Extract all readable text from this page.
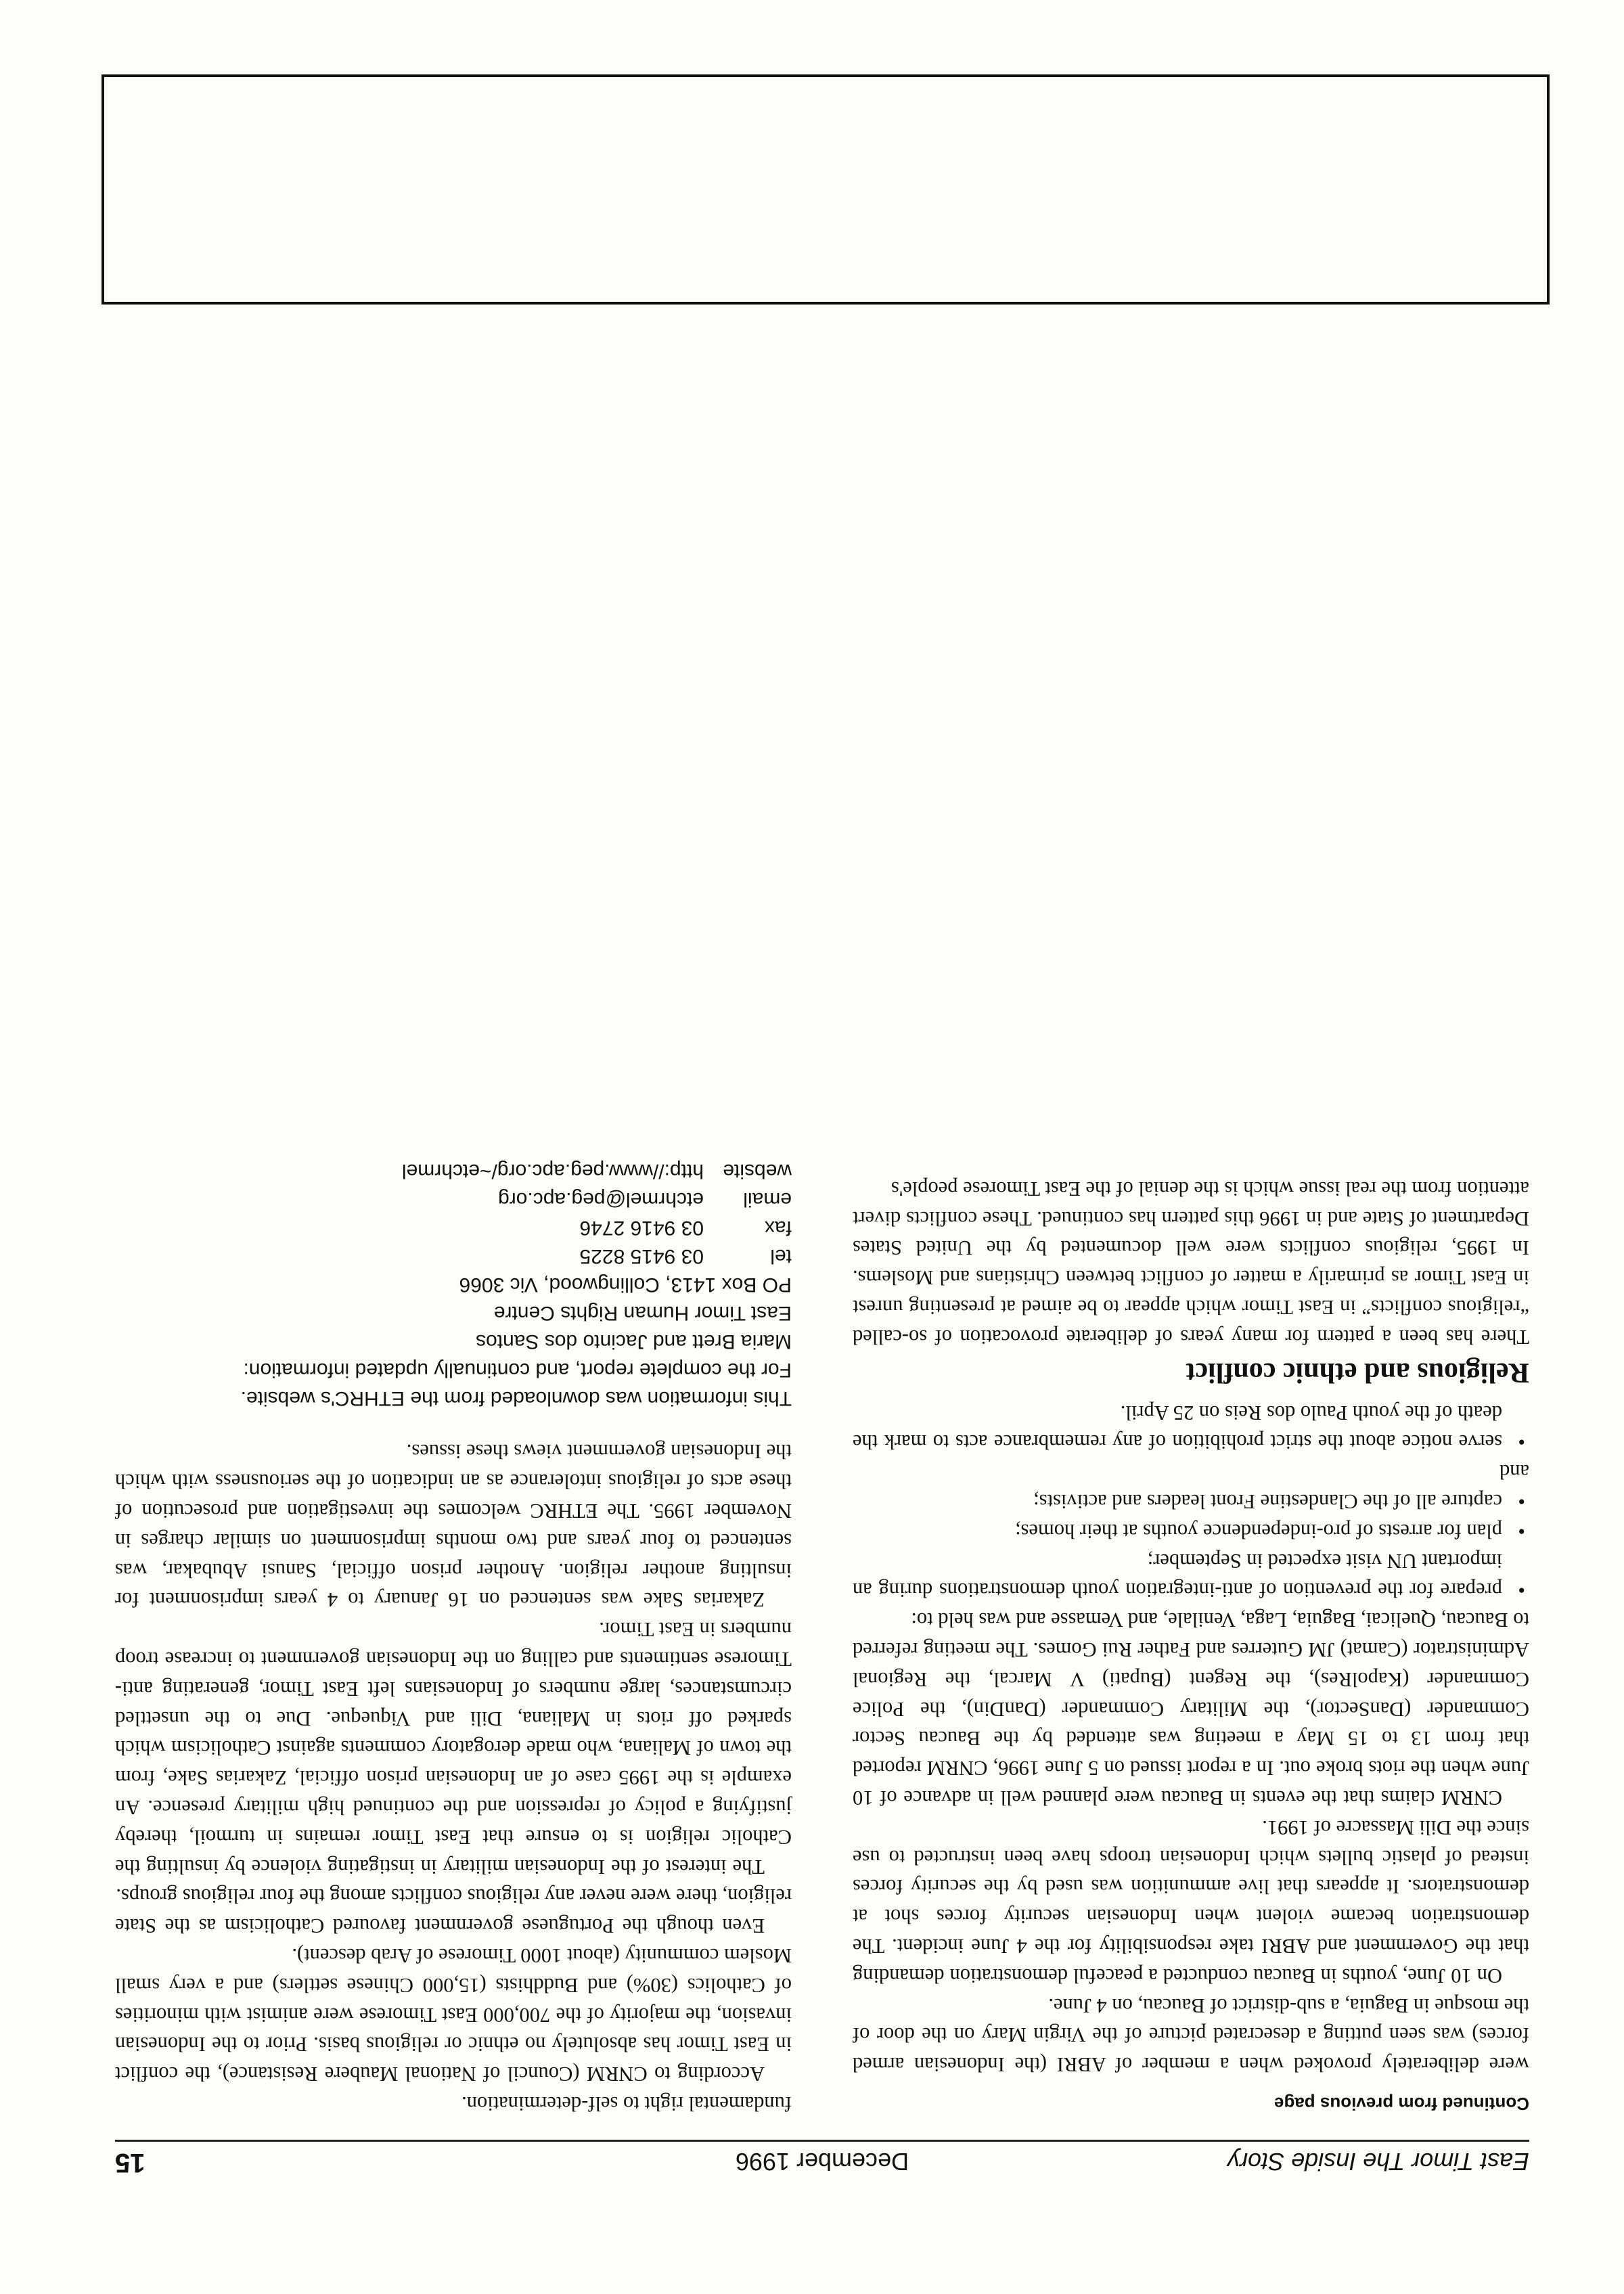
East Timor The Inside Story
December 1996
15

Continued from previous page

were deliberately provoked when a member of ABRI (the Indonesian armed forces) was seen putting a desecrated picture of the Virgin Mary on the door of the mosque in Baguia, a sub-district of Baucau, on 4 June.

On 10 June, youths in Baucau conducted a peaceful demonstration demanding that the Government and ABRI take responsibility for the 4 June incident. The demonstration became violent when Indonesian security forces shot at demonstrators. It appears that live ammunition was used by the security forces instead of plastic bullets which Indonesian troops have been instructed to use since the Dili Massacre of 1991.

CNRM claims that the events in Baucau were planned well in advance of 10 June when the riots broke out. In a report issued on 5 June 1996, CNRM reported that from 13 to 15 May a meeting was attended by the Baucau Sector Commander (DanSector), the Military Commander (DanDin), the Police Commander (KapolRes), the Regent (Bupati) V Marcal, the Regional Administrator (Camat) JM Guterres and Father Rui Gomes. The meeting referred to Baucau, Quelicai, Baguia, Laga, Venilale, and Vemasse and was held to:

• prepare for the prevention of anti-integration youth demonstrations during an important UN visit expected in September;
• plan for arrests of pro-independence youths at their homes;
• capture all of the Clandestine Front leaders and activists;

and

• serve notice about the strict prohibition of any remembrance acts to mark the death of the youth Paulo dos Reis on 25 April.
Religious and ethnic conflict

There has been a pattern for many years of deliberate provocation of so-called “religious conflicts” in East Timor which appear to be aimed at presenting unrest in East Timor as primarily a matter of conflict between Christians and Moslems. In 1995, religious conflicts were well documented by the United States Department of State and in 1996 this pattern has continued. These conflicts divert attention from the real issue which is the denial of the East Timorese people's

fundamental right to self-determination.

According to CNRM (Council of National Maubere Resistance), the conflict in East Timor has absolutely no ethnic or religious basis. Prior to the Indonesian invasion, the majority of the 700,000 East Timorese were animist with minorities of Catholics (30%) and Buddhists (15,000 Chinese settlers) and a very small Moslem community (about 1000 Timorese of Arab descent).

Even though the Portuguese government favoured Catholicism as the State religion, there were never any religious conflicts among the four religious groups.

The interest of the Indonesian military in instigating violence by insulting the Catholic religion is to ensure that East Timor remains in turmoil, thereby justifying a policy of repression and the continued high military presence. An example is the 1995 case of an Indonesian prison official, Zakarias Sake, from the town of Maliana, who made derogatory comments against Catholicism which sparked off riots in Maliana, Dili and Viqueque. Due to the unsettled circumstances, large numbers of Indonesians left East Timor, generating anti-Timorese sentiments and calling on the Indonesian government to increase troop numbers in East Timor.

Zakarias Sake was sentenced on 16 January to 4 years imprisonment for insulting another religion. Another prison official, Sanusi Abubakar, was sentenced to four years and two months imprisonment on similar charges in November 1995. The ETHRC welcomes the investigation and prosecution of these acts of religious intolerance as an indication of the seriousness with which the Indonesian government views these issues.

This information was downloaded from the ETHRC's website.

For the complete report, and continually updated information:

Maria Brett and Jacinto dos Santos

East Timor Human Rights Centre

PO Box 1413, Collingwood, Vic 3066

tel
03 9415 8225
fax
03 9416 2746
email
etchrmel@peg.apc.org
website
http://www.peg.apc.org/~etchrmel
